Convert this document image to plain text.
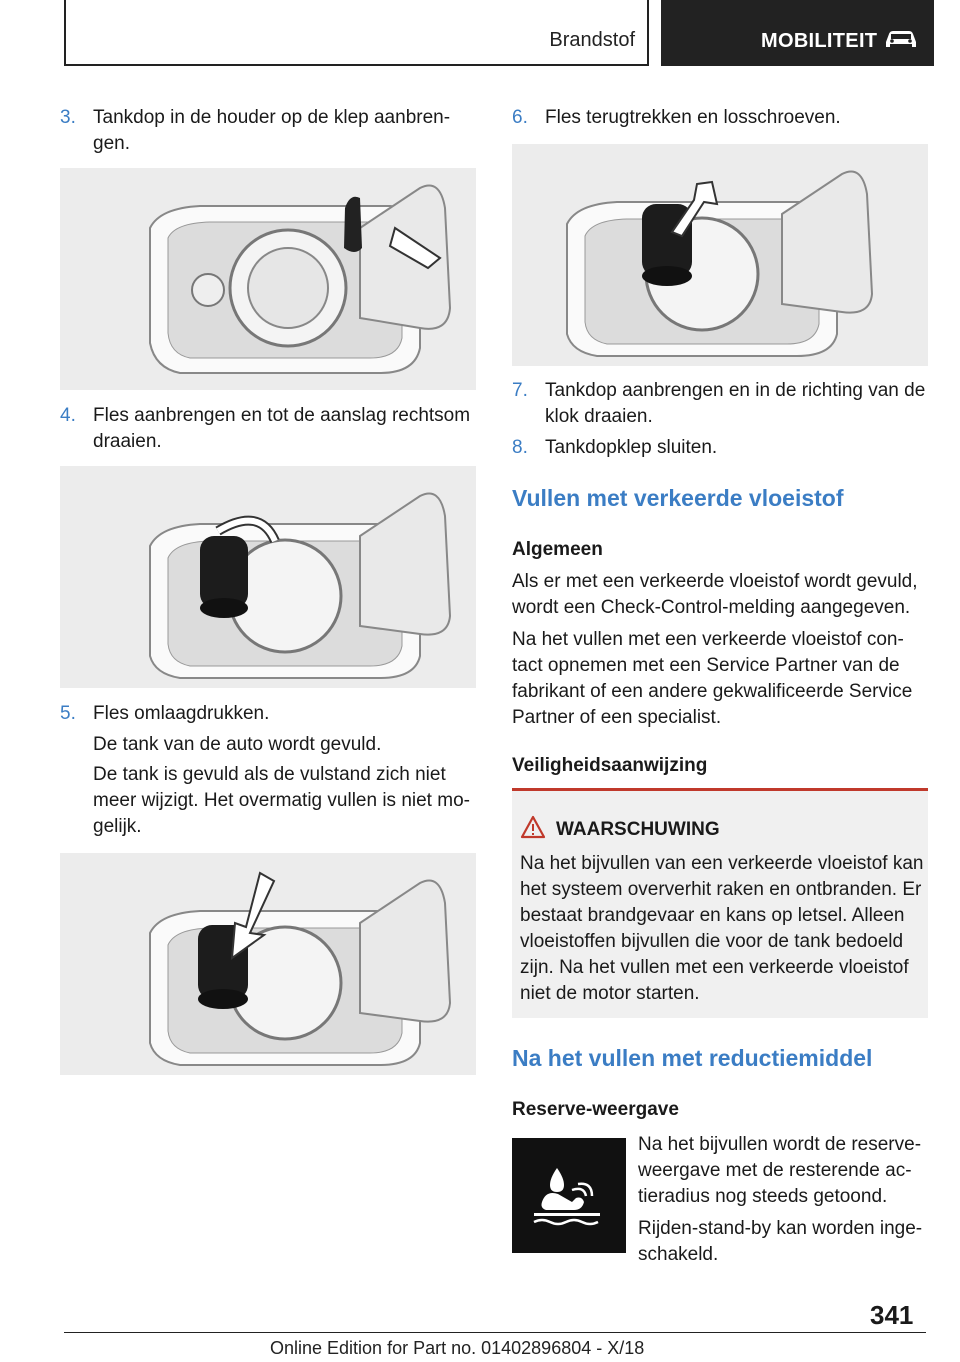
Brandstof	MOBILITEIT
3. Tankdop in de houder op de klep aanbren-gen.
4. Fles aanbrengen en tot de aanslag rechtsom draaien.
5. Fles omlaagdrukken.
De tank van de auto wordt gevuld.
De tank is gevuld als de vulstand zich niet meer wijzigt. Het overmatig vullen is niet mo-gelijk.
6. Fles terugtrekken en losschroeven.
7. Tankdop aanbrengen en in de richting van de klok draaien.
8. Tankdopklep sluiten.
Vullen met verkeerde vloeistof
Algemeen
Als er met een verkeerde vloeistof wordt gevuld, wordt een Check-Control-melding aangegeven.
Na het vullen met een verkeerde vloeistof con-tact opnemen met een Service Partner van de fabrikant of een andere gekwalificeerde Service Partner of een specialist.
Veiligheidsaanwijzing
WAARSCHUWING
Na het bijvullen van een verkeerde vloeistof kan het systeem oververhit raken en ontbranden. Er bestaat brandgevaar en kans op letsel. Alleen vloeistoffen bijvullen die voor de tank bedoeld zijn. Na het vullen met een verkeerde vloeistof niet de motor starten.
Na het vullen met reductiemiddel
Reserve-weergave
Na het bijvullen wordt de reserve-weergave met de resterende ac-tieradius nog steeds getoond.
Rijden-stand-by kan worden inge-schakeld.
341
Online Edition for Part no. 01402896804 - X/18
